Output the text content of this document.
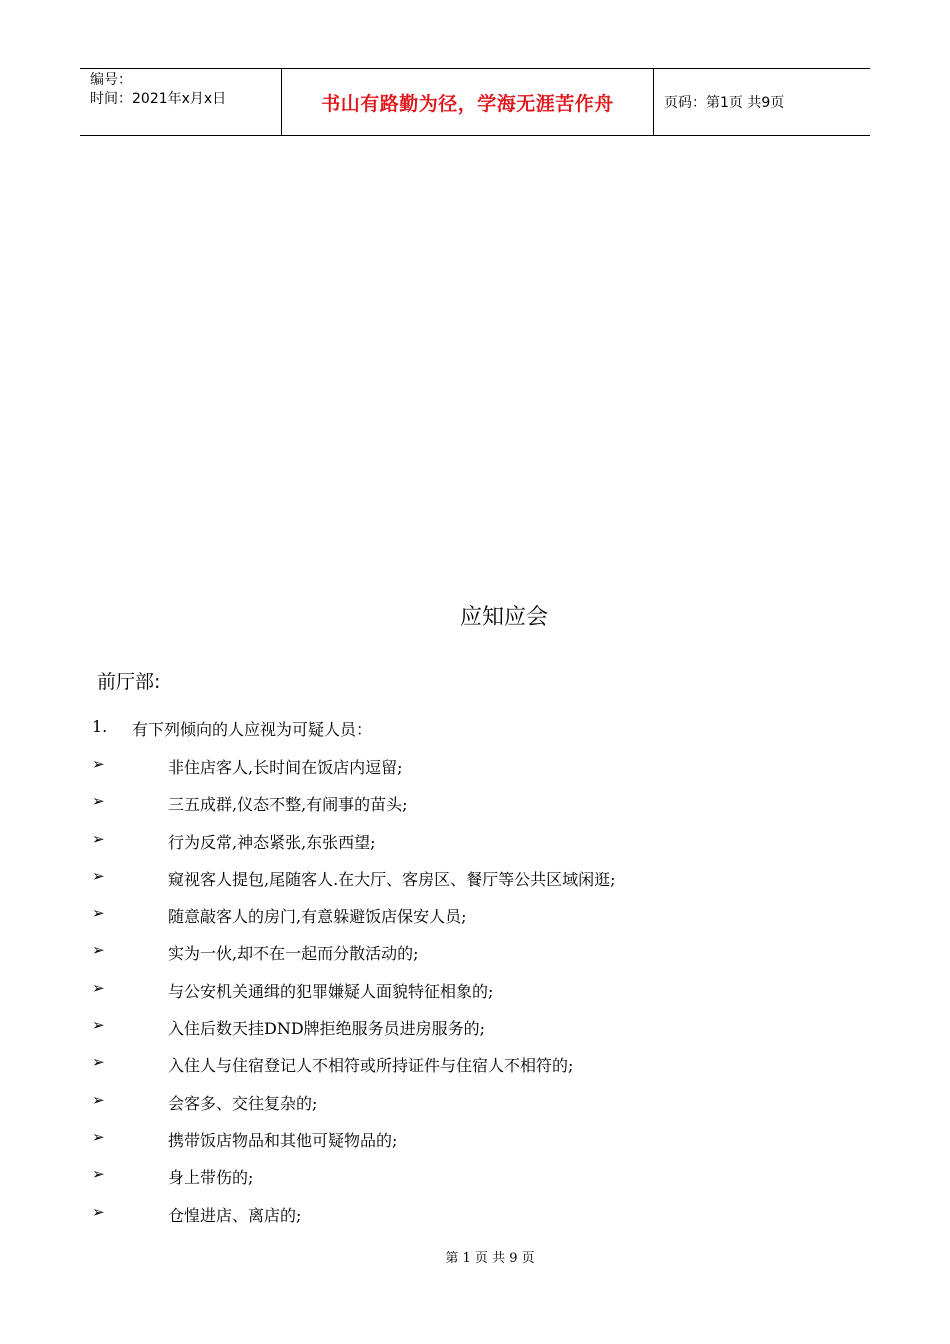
编号：
时间：2021年x月x日	书山有路勤为径，学海无涯苦作舟	页码：第1页 共9页
应知应会
前厅部:
1.	有下列倾向的人应视为可疑人员：
➢	非住店客人,长时间在饭店内逗留;
➢	三五成群,仪态不整,有闹事的苗头;
➢	行为反常,神态紧张,东张西望;
➢	窥视客人提包,尾随客人.在大厅、客房区、餐厅等公共区域闲逛;
➢	随意敲客人的房门,有意躲避饭店保安人员;
➢	实为一伙,却不在一起而分散活动的;
➢	与公安机关通缉的犯罪嫌疑人面貌特征相象的;
➢	入住后数天挂DND牌拒绝服务员进房服务的;
➢	入住人与住宿登记人不相符或所持证件与住宿人不相符的;
➢	会客多、交往复杂的;
➢	携带饭店物品和其他可疑物品的;
➢	身上带伤的;
➢	仓惶进店、离店的;
第 1 页 共 9 页
